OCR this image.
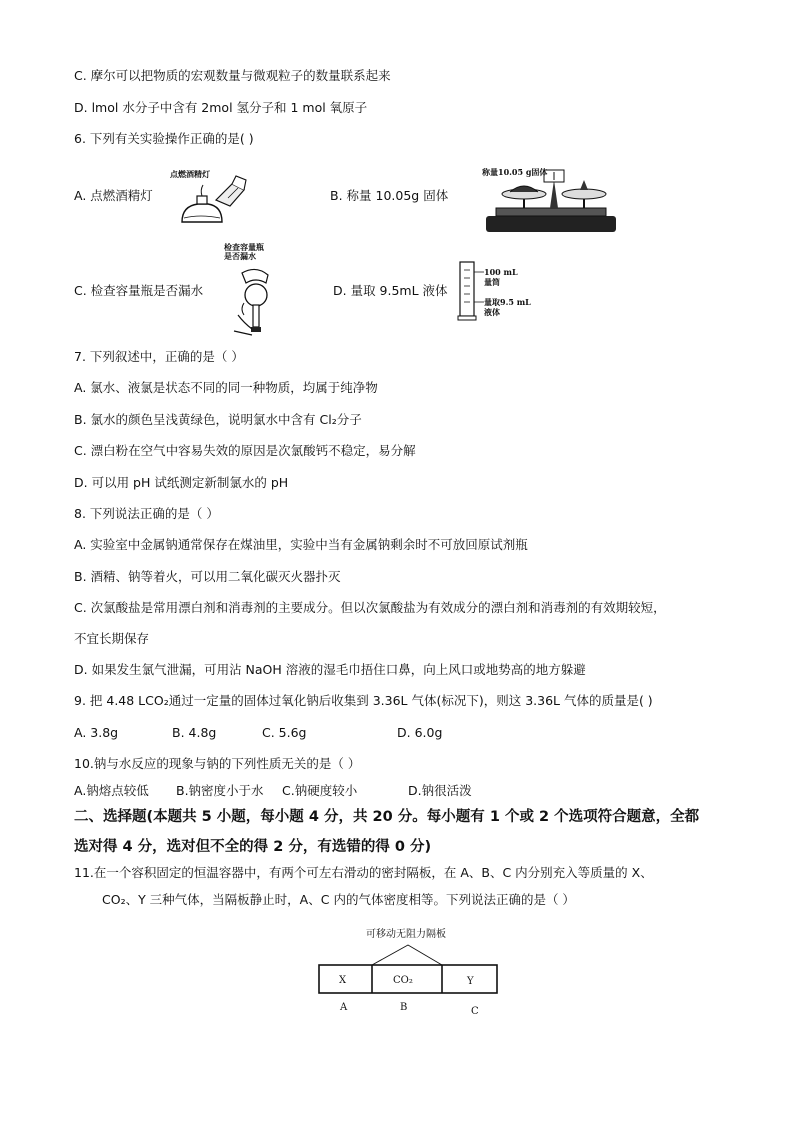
C. 摩尔可以把物质的宏观数量与微观粒子的数量联系起来
D. lmol 水分子中含有 2mol 氢分子和 1 mol 氧原子
6. 下列有关实验操作正确的是( )
A. 点燃酒精灯	B. 称量 10.05g 固体
C. 检查容量瓶是否漏水	D. 量取 9.5mL 液体
7. 下列叙述中，正确的是（ ）
A. 氯水、液氯是状态不同的同一种物质，均属于纯净物
B. 氯水的颜色呈浅黄绿色，说明氯水中含有 Cl₂分子
C. 漂白粉在空气中容易失效的原因是次氯酸钙不稳定，易分解
D. 可以用 pH 试纸测定新制氯水的 pH
8. 下列说法正确的是（ ）
A. 实验室中金属钠通常保存在煤油里，实验中当有金属钠剩余时不可放回原试剂瓶
B. 酒精、钠等着火，可以用二氧化碳灭火器扑灭
C. 次氯酸盐是常用漂白剂和消毒剂的主要成分。但以次氯酸盐为有效成分的漂白剂和消毒剂的有效期较短，
不宜长期保存
D. 如果发生氯气泄漏，可用沾 NaOH 溶液的湿毛巾捂住口鼻，向上风口或地势高的地方躲避
9. 把 4.48 LCO₂通过一定量的固体过氧化钠后收集到 3.36L 气体(标况下)，则这 3.36L 气体的质量是( )
A. 3.8g	B. 4.8g	C. 5.6g	D. 6.0g
10.钠与水反应的现象与钠的下列性质无关的是（ ）
A.钠熔点较低 B.钠密度小于水 C.钠硬度较小	D.钠很活泼
二、选择题(本题共 5 小题，每小题 4 分，共 20 分。每小题有 1 个或 2 个选项符合题意，全都
选对得 4 分，选对但不全的得 2 分，有选错的得 0 分)
11.在一个容积固定的恒温容器中，有两个可左右滑动的密封隔板，在 A、B、C 内分别充入等质量的 X、
CO₂、Y 三种气体，当隔板静止时，A、C 内的气体密度相等。下列说法正确的是（ ）
点燃酒精灯	称量10.05 g固体
检查容量瓶
是否漏水
100 mL
量筒
量取9.5 mL
液体
可移动无阻力隔板
X	CO₂	Y
A	B	C
